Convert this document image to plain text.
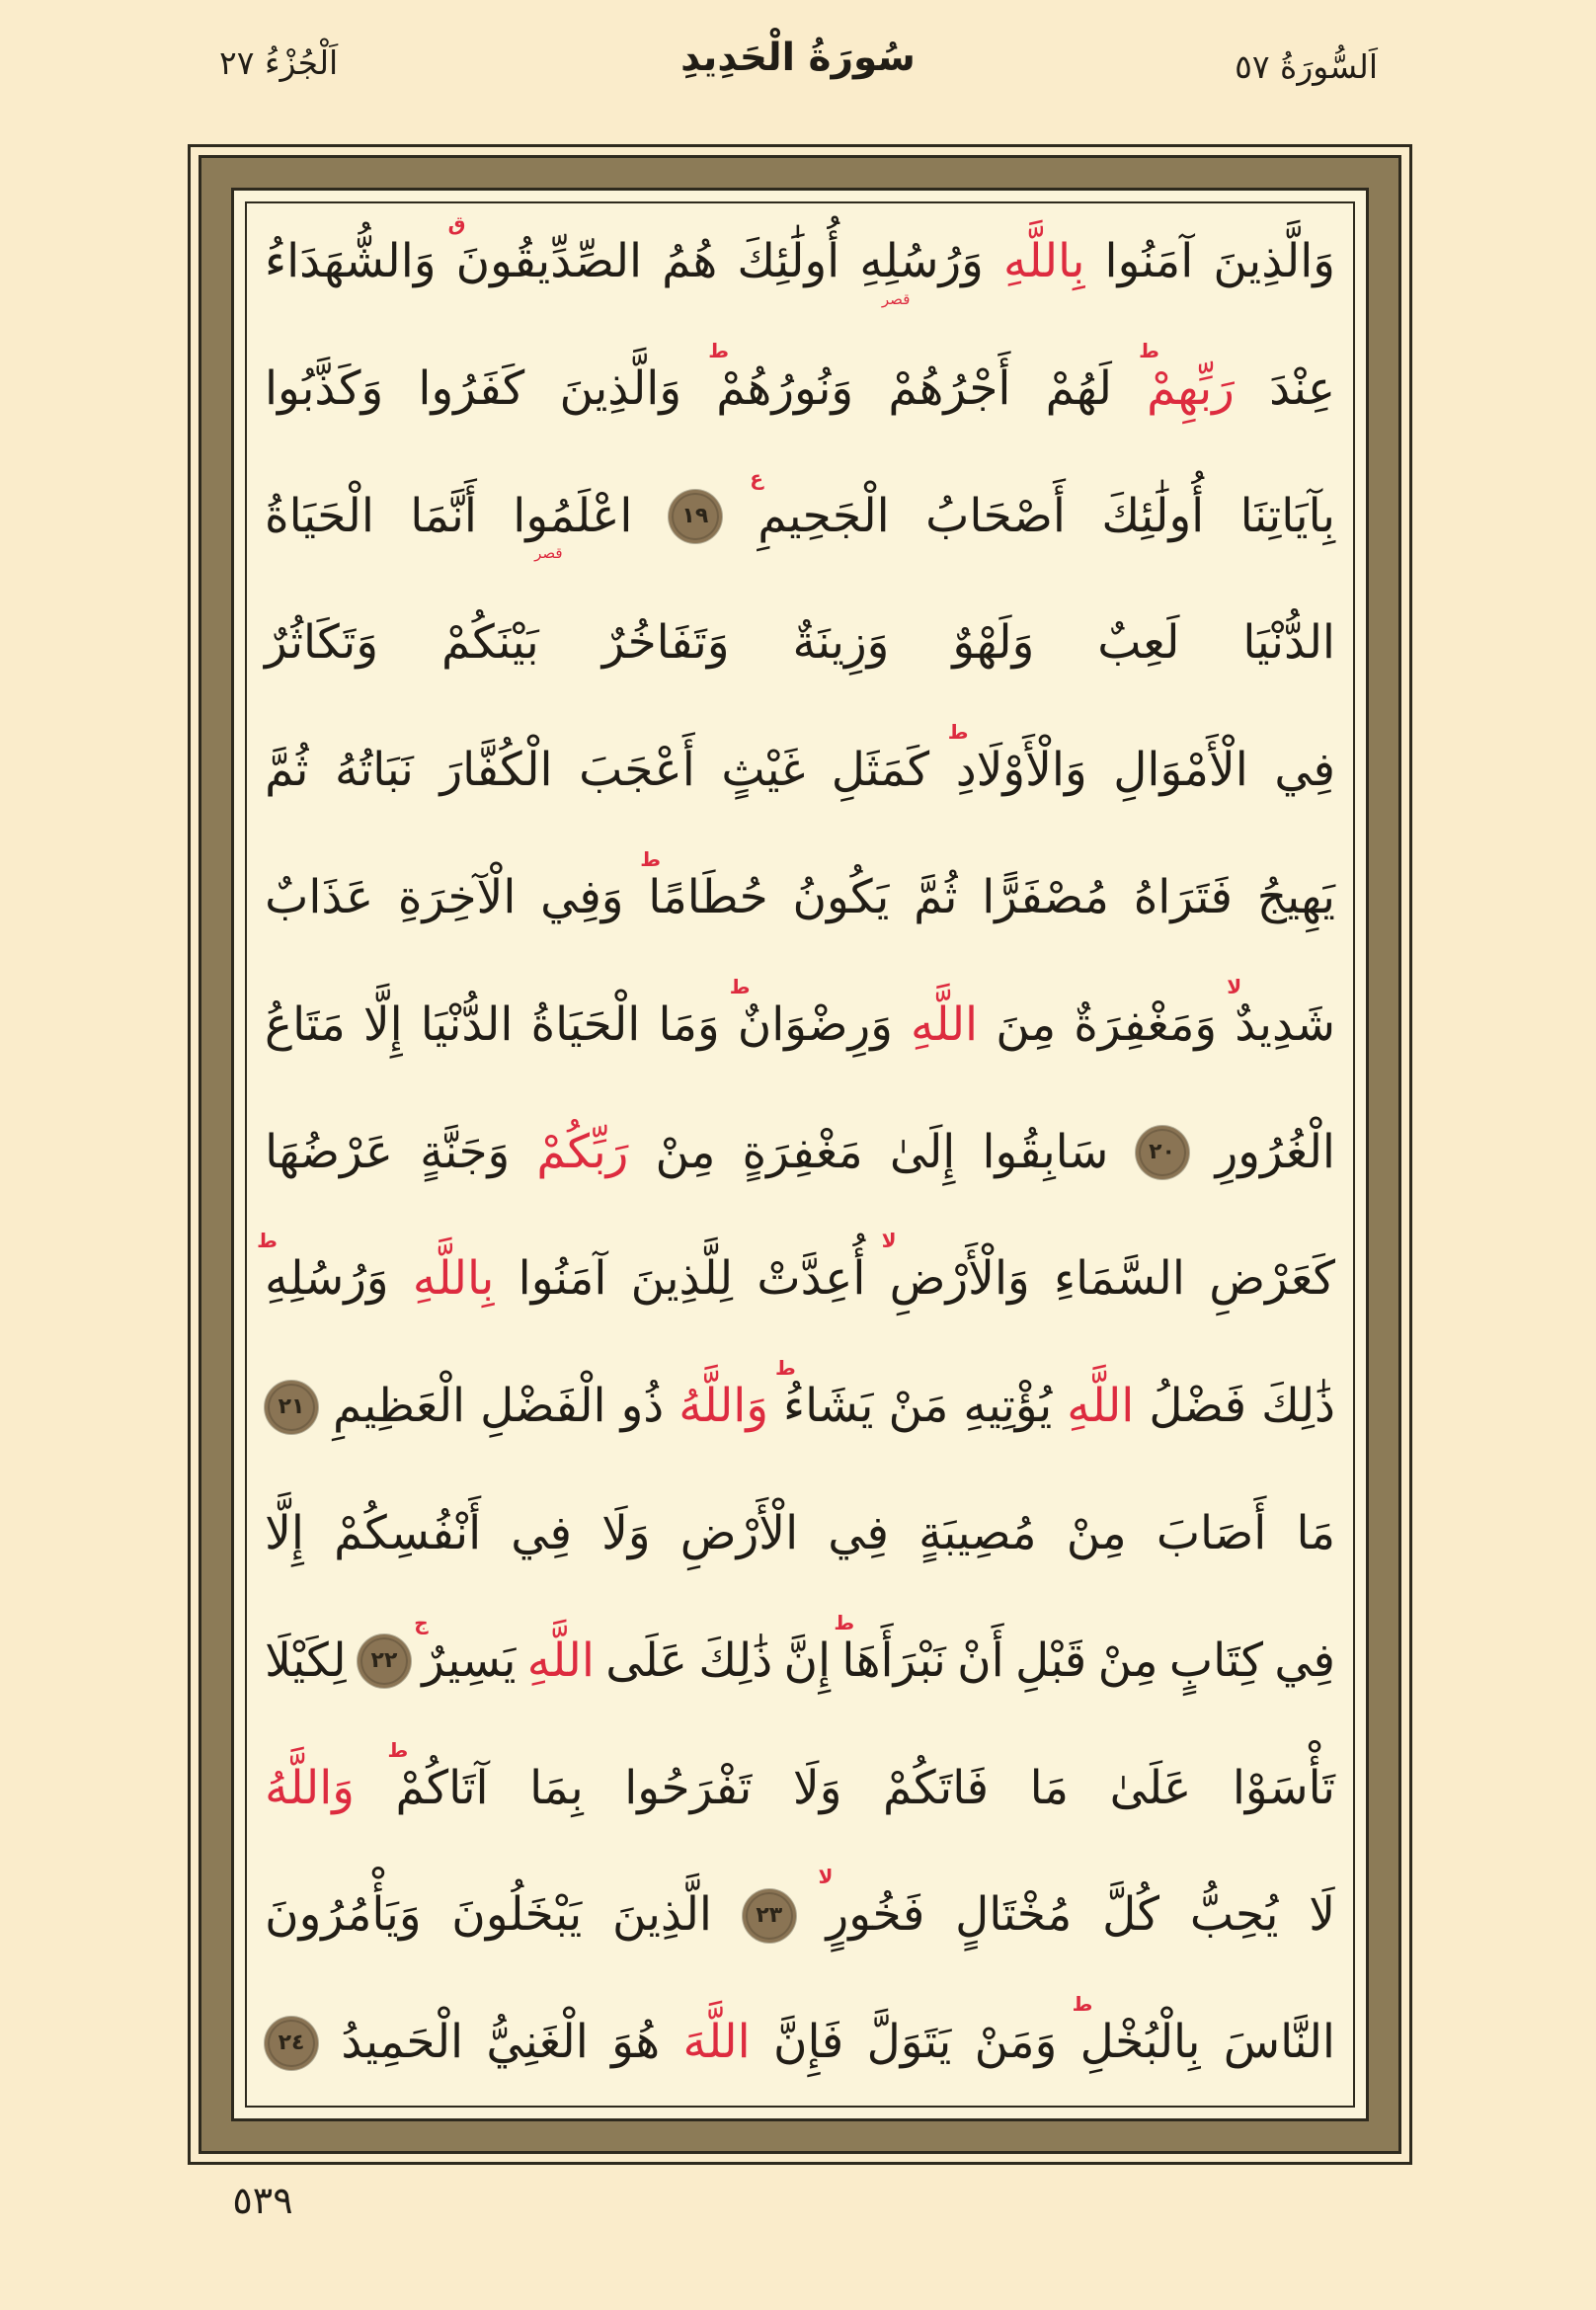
اَلْجُزْءُ ٢٧	سُورَةُ الْحَدِيدِ	اَلسُّورَةُ ٥٧
وَالَّذِينَ
آمَنُوا
بِاللَّهِ
وَرُسُلِهِ
قصر
أُولَٰئِكَ
هُمُ
الصِّدِّيقُونَ
ق
وَالشُّهَدَاءُ
عِنْدَ
رَبِّهِمْ
ط
لَهُمْ
أَجْرُهُمْ
وَنُورُهُمْ
ط
وَالَّذِينَ
كَفَرُوا
وَكَذَّبُوا
بِآيَاتِنَا
أُولَٰئِكَ
أَصْحَابُ
الْجَحِيمِ
ع
١٩
اعْلَمُوا
قصر
أَنَّمَا
الْحَيَاةُ
الدُّنْيَا
لَعِبٌ
وَلَهْوٌ
وَزِينَةٌ
وَتَفَاخُرٌ
بَيْنَكُمْ
وَتَكَاثُرٌ
فِي
الْأَمْوَالِ
وَالْأَوْلَادِ
ط
كَمَثَلِ
غَيْثٍ
أَعْجَبَ
الْكُفَّارَ
نَبَاتُهُ
ثُمَّ
يَهِيجُ
فَتَرَاهُ
مُصْفَرًّا
ثُمَّ
يَكُونُ
حُطَامًا
ط
وَفِي
الْآخِرَةِ
عَذَابٌ
شَدِيدٌ
لا
وَمَغْفِرَةٌ
مِنَ
اللَّهِ
وَرِضْوَانٌ
ط
وَمَا
الْحَيَاةُ
الدُّنْيَا
إِلَّا
مَتَاعُ
الْغُرُورِ
٢٠
سَابِقُوا
إِلَىٰ
مَغْفِرَةٍ
مِنْ
رَبِّكُمْ
وَجَنَّةٍ
عَرْضُهَا
كَعَرْضِ
السَّمَاءِ
وَالْأَرْضِ
لا
أُعِدَّتْ
لِلَّذِينَ
آمَنُوا
بِاللَّهِ
وَرُسُلِهِ
ط
ذَٰلِكَ
فَضْلُ
اللَّهِ
يُؤْتِيهِ
مَنْ
يَشَاءُ
ط
وَاللَّهُ
ذُو
الْفَضْلِ
الْعَظِيمِ
٢١
مَا
أَصَابَ
مِنْ
مُصِيبَةٍ
فِي
الْأَرْضِ
وَلَا
فِي
أَنْفُسِكُمْ
إِلَّا
فِي
كِتَابٍ
مِنْ
قَبْلِ
أَنْ
نَبْرَأَهَا
ط
إِنَّ
ذَٰلِكَ
عَلَى
اللَّهِ
يَسِيرٌ
ج
٢٢
لِكَيْلَا
تَأْسَوْا
عَلَىٰ
مَا
فَاتَكُمْ
وَلَا
تَفْرَحُوا
بِمَا
آتَاكُمْ
ط
وَاللَّهُ
لَا
يُحِبُّ
كُلَّ
مُخْتَالٍ
فَخُورٍ
لا
٢٣
الَّذِينَ
يَبْخَلُونَ
وَيَأْمُرُونَ
النَّاسَ
بِالْبُخْلِ
ط
وَمَنْ
يَتَوَلَّ
فَإِنَّ
اللَّهَ
هُوَ
الْغَنِيُّ
الْحَمِيدُ
٢٤
٥٣٩
